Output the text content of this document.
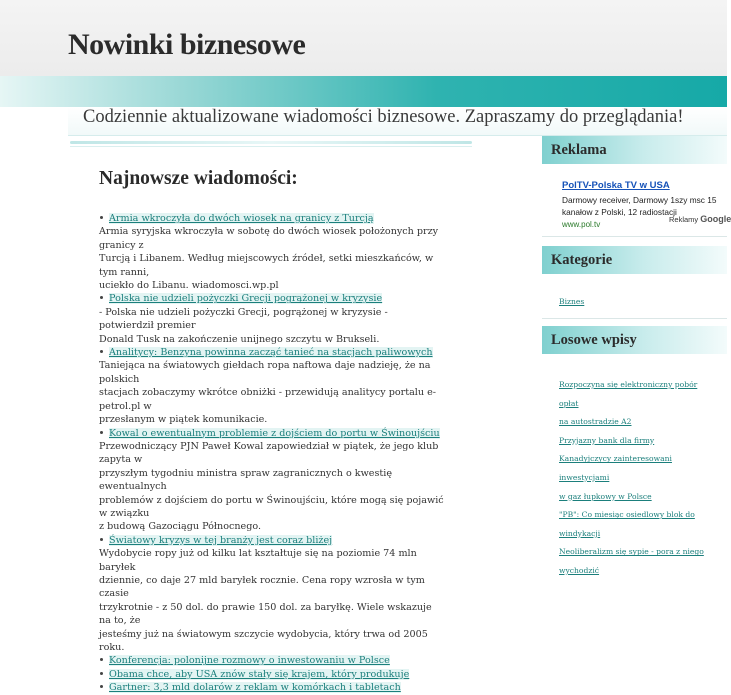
Nowinki biznesowe
Codziennie aktualizowane wiadomości biznesowe. Zapraszamy do przeglądania!
Najnowsze wiadomości:
Armia wkroczyła do dwóch wiosek na granicy z Turcją
Armia syryjska wkroczyła w sobotę do dwóch wiosek położonych przy granicy z
Turcją i Libanem. Według miejscowych źródeł, setki mieszkańców, w tym ranni,
uciekło do Libanu. wiadomosci.wp.pl
Polska nie udzieli pożyczki Grecji pogrążonej w kryzysie
- Polska nie udzieli pożyczki Grecji, pogrążonej w kryzysie - potwierdził premier
Donald Tusk na zakończenie unijnego szczytu w Brukseli.
Analitycy: Benzyna powinna zacząć tanieć na stacjach paliwowych
Taniejąca na światowych giełdach ropa naftowa daje nadzieję, że na polskich
stacjach zobaczymy wkrótce obniżki - przewidują analitycy portalu e-petrol.pl w
przesłanym w piątek komunikacie.
Kowal o ewentualnym problemie z dojściem do portu w Świnoujściu
Przewodniczący PJN Paweł Kowal zapowiedział w piątek, że jego klub zapyta w
przyszłym tygodniu ministra spraw zagranicznych o kwestię ewentualnych
problemów z dojściem do portu w Świnoujściu, które mogą się pojawić w związku
z budową Gazociągu Północnego.
Światowy kryzys w tej branży jest coraz bliżej
Wydobycie ropy już od kilku lat kształtuje się na poziomie 74 mln baryłek
dziennie, co daje 27 mld baryłek rocznie. Cena ropy wzrosła w tym czasie
trzykrotnie - z 50 dol. do prawie 150 dol. za baryłkę. Wiele wskazuje na to, że
jesteśmy już na światowym szczycie wydobycia, który trwa od 2005 roku.
Konferencja: polonijne rozmowy o inwestowaniu w Polsce
Obama chce, aby USA znów stały się krajem, który produkuje
Gartner: 3,3 mld dolarów z reklam w komórkach i tabletach
Reklama
PolTV-Polska TV w USA
Darmowy receiver, Darmowy 1szy msc 15 kanałow z Polski, 12 radiostacji
www.pol.tv
Reklamy Google
Kategorie
Biznes
Losowe wpisy
Rozpoczyna się elektroniczny pobór opłat
na autostradzie A2
Przyjazny bank dla firmy
Kanadyjczycy zainteresowani inwestycjami
w gaz łupkowy w Polsce
"PB": Co miesiąc osiedlowy blok do
windykacji
Neoliberalizm się sypie - pora z niego
wychodzić
